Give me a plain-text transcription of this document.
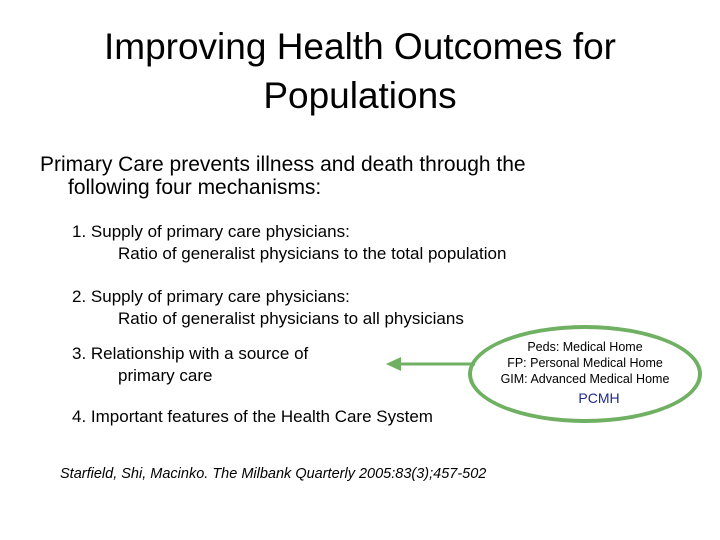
Improving Health Outcomes for
Populations
Primary Care prevents illness and death through the
following four mechanisms:
1. Supply of primary care physicians:
Ratio of generalist physicians to the total population
2. Supply of primary care physicians:
Ratio of generalist physicians to all physicians
3. Relationship with a source of
primary care
4. Important features of the Health Care System
Peds: Medical Home
FP: Personal Medical Home
GIM: Advanced Medical Home
PCMH
Starfield, Shi, Macinko. The Milbank Quarterly 2005:83(3);457-502
